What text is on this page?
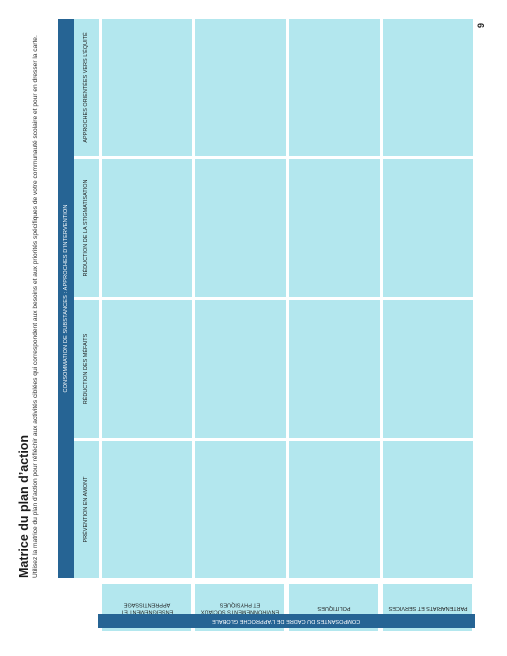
Matrice du plan d’action Utilisez la matrice du plan d’action pour réfléchir aux activités ciblées qui correspondent aux besoins et aux priorités spécifiques de votre communauté scolaire et pour en dresser la carte.

9
CONSOMMATION DE SUBSTANCES : APPROCHES D’INTERVENTION
PRÉVENTION EN AMONT
RÉDUCTION DES MÉFAITS
RÉDUCTION DE LA STIGMATISATION
APPROCHES ORIENTÉES VERS L’ÉQUITÉ
ENSEIGNEMENT ET APPRENTISSAGE
ENVIRONNEMENTS SOCIAUX ET PHYSIQUES
POLITIQUES	PARTENARIATS ET SERVICES
COMPOSANTES DU CADRE DE L’APPROCHE GLOBALE
